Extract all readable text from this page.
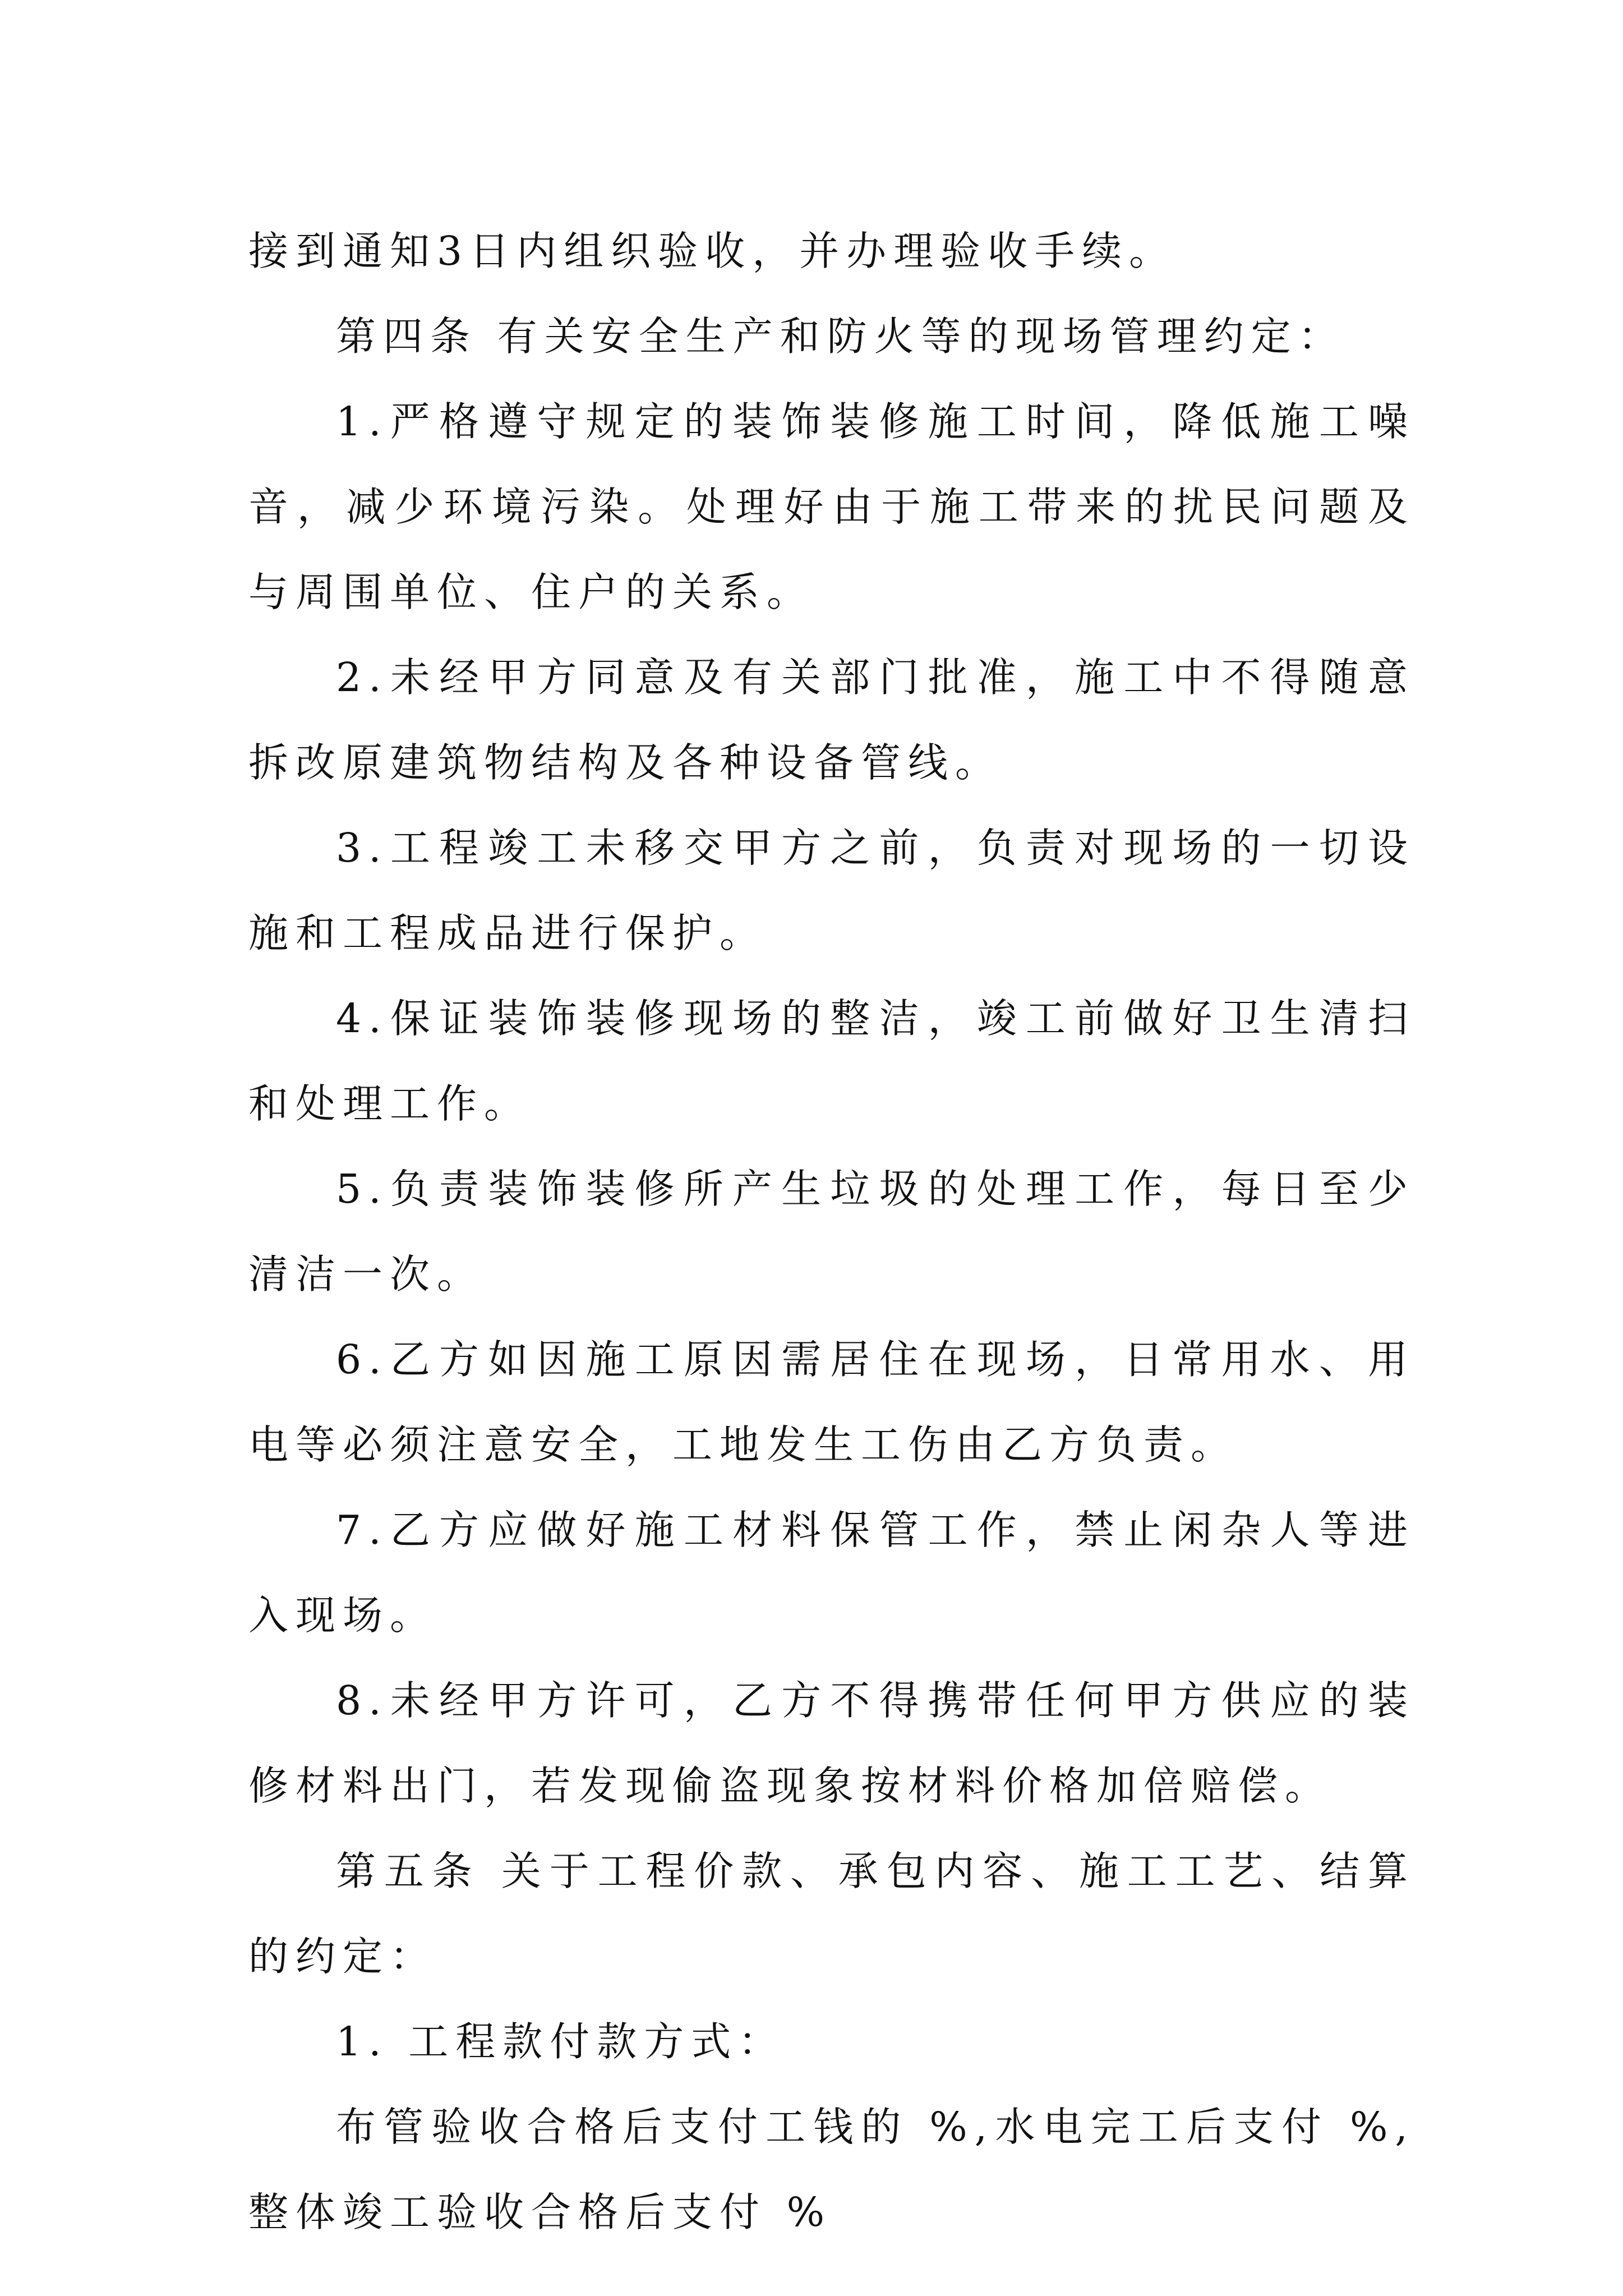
接到通知3日内组织验收，并办理验收手续。

第四条 有关安全生产和防火等的现场管理约定：

1.严格遵守规定的装饰装修施工时间，降低施工噪音，减少环境污染。处理好由于施工带来的扰民问题及与周围单位、住户的关系。

2.未经甲方同意及有关部门批准，施工中不得随意拆改原建筑物结构及各种设备管线。

3.工程竣工未移交甲方之前，负责对现场的一切设施和工程成品进行保护。

4.保证装饰装修现场的整洁，竣工前做好卫生清扫和处理工作。

5.负责装饰装修所产生垃圾的处理工作，每日至少清洁一次。

6.乙方如因施工原因需居住在现场，日常用水、用电等必须注意安全，工地发生工伤由乙方负责。

7.乙方应做好施工材料保管工作，禁止闲杂人等进入现场。

8.未经甲方许可，乙方不得携带任何甲方供应的装修材料出门，若发现偷盗现象按材料价格加倍赔偿。

第五条 关于工程价款、承包内容、施工工艺、结算的约定：

1. 工程款付款方式：

布管验收合格后支付工钱的 %,水电完工后支付 %,整体竣工验收合格后支付 %
